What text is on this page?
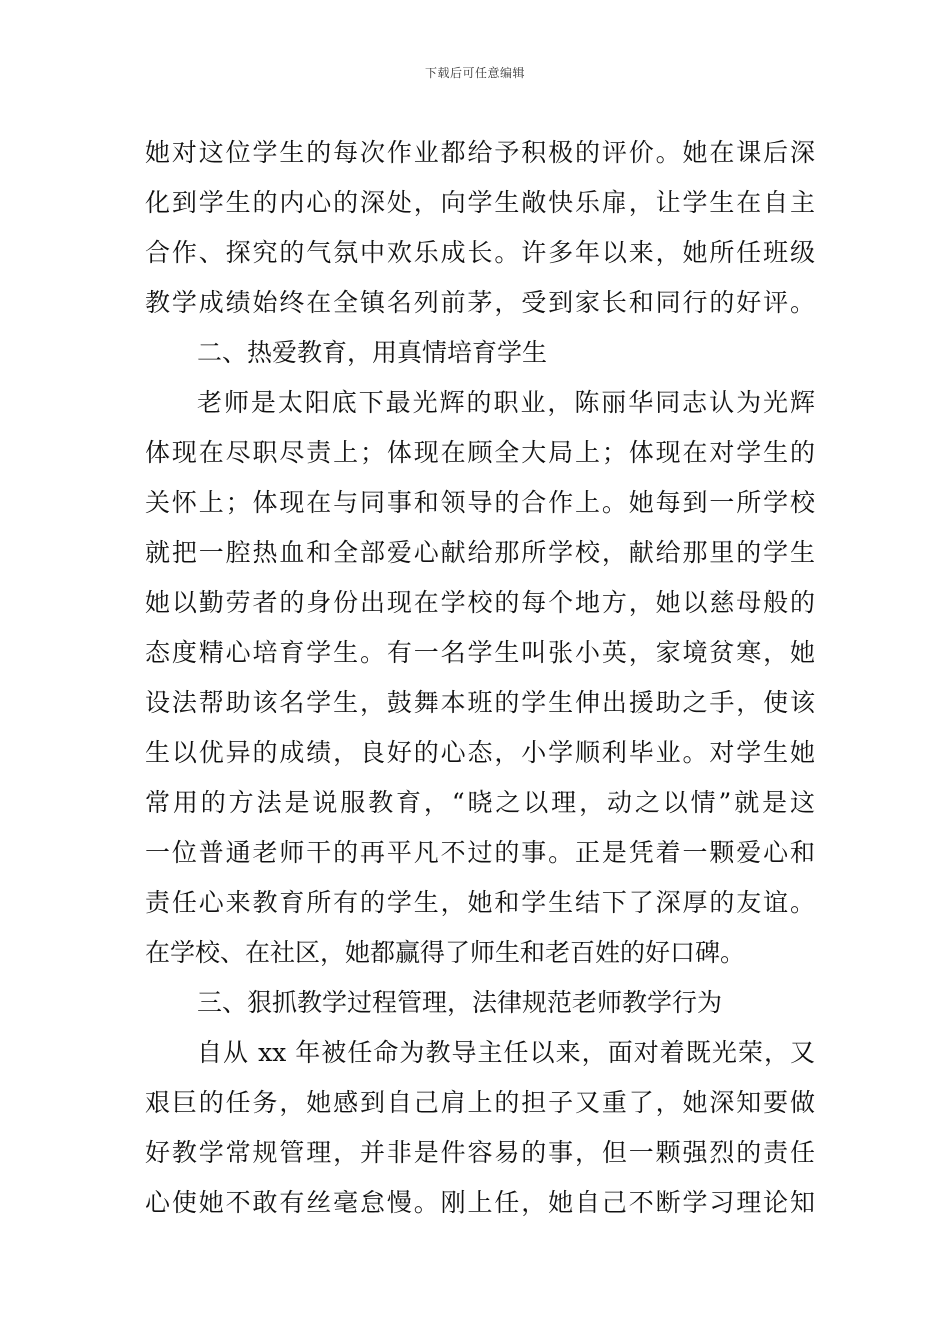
下载后可任意编辑
她对这位学生的每次作业都给予积极的评价。她在课后深
化到学生的内心的深处，向学生敞快乐扉，让学生在自主
合作、探究的气氛中欢乐成长。许多年以来，她所任班级
教学成绩始终在全镇名列前茅，受到家长和同行的好评。
二、热爱教育，用真情培育学生
老师是太阳底下最光辉的职业，陈丽华同志认为光辉
体现在尽职尽责上；体现在顾全大局上；体现在对学生的
关怀上；体现在与同事和领导的合作上。她每到一所学校
就把一腔热血和全部爱心献给那所学校，献给那里的学生
她以勤劳者的身份出现在学校的每个地方，她以慈母般的
态度精心培育学生。有一名学生叫张小英，家境贫寒，她
设法帮助该名学生，鼓舞本班的学生伸出援助之手，使该
生以优异的成绩，良好的心态，小学顺利毕业。对学生她
常用的方法是说服教育，“晓之以理，动之以情”就是这
一位普通老师干的再平凡不过的事。正是凭着一颗爱心和
责任心来教育所有的学生，她和学生结下了深厚的友谊。
在学校、在社区，她都赢得了师生和老百姓的好口碑。
三、狠抓教学过程管理，法律规范老师教学行为
自从 xx 年被任命为教导主任以来，面对着既光荣，又
艰巨的任务，她感到自己肩上的担子又重了，她深知要做
好教学常规管理，并非是件容易的事，但一颗强烈的责任
心使她不敢有丝毫怠慢。刚上任，她自己不断学习理论知
